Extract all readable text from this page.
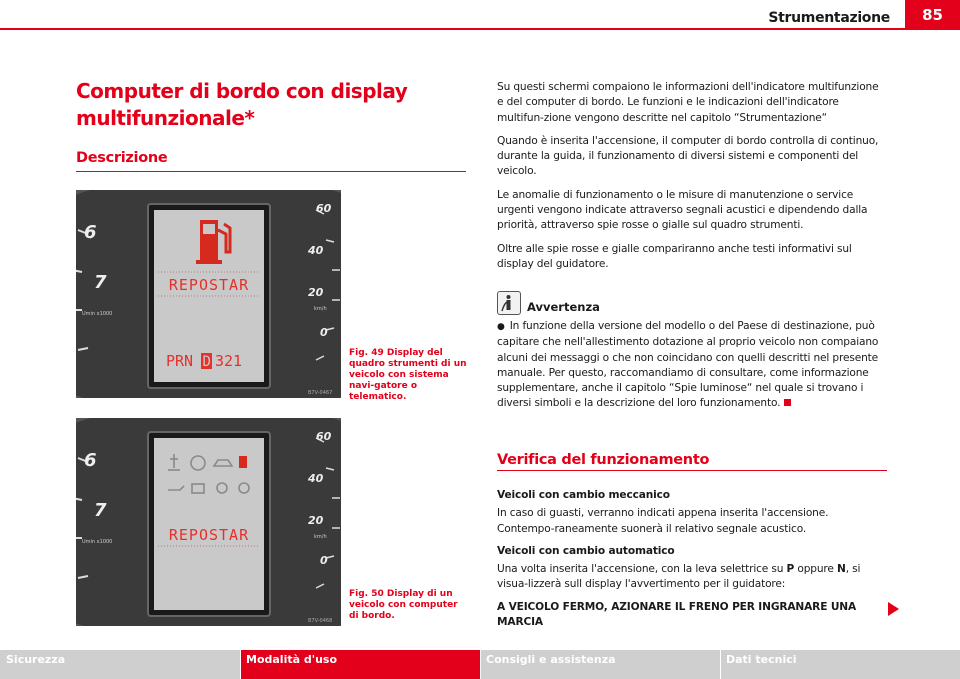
Strumentazione	85
Computer di bordo con display multifunzionale*
Descrizione
6
7
Umin x1000
60
40
20
0
km/h
REPOSTAR
PRN D 321
B7V-0467
Fig. 49 Display del quadro strumenti di un veicolo con sistema navi-gatore o telematico.
6
7
Umin x1000
60
40
20
0
km/h
REPOSTAR
B7V-0468
Fig. 50 Display di un veicolo con computer di bordo.

Su questi schermi compaiono le informazioni dell'indicatore multifunzione e del computer di bordo. Le funzioni e le indicazioni dell'indicatore multifun-zione vengono descritte nel capitolo “Strumentazione“

Quando è inserita l'accensione, il computer di bordo controlla di continuo, durante la guida, il funzionamento di diversi sistemi e componenti del veicolo.

Le anomalie di funzionamento o le misure di manutenzione o service urgenti vengono indicate attraverso segnali acustici e dipendendo dalla priorità, attraverso spie rosse o gialle sul quadro strumenti.

Oltre alle spie rosse e gialle compariranno anche testi informativi sul display del guidatore.

Avvertenza
● In funzione della versione del modello o del Paese di destinazione, può capitare che nell'allestimento dotazione al proprio veicolo non compaiano alcuni dei messaggi o che non coincidano con quelli descritti nel presente manuale. Per questo, raccomandiamo di consultare, come informazione supplementare, anche il capitolo “Spie luminose“ nel quale si trovano i diversi simboli e la descrizione del loro funzionamento.
Verifica del funzionamento
Veicoli con cambio meccanico

In caso di guasti, verranno indicati appena inserita l'accensione. Contempo-raneamente suonerà il relativo segnale acustico.

Veicoli con cambio automatico

Una volta inserita l'accensione, con la leva selettrice su P oppure N, si visua-lizzerà sull display l'avvertimento per il guidatore:

A VEICOLO FERMO, AZIONARE IL FRENO PER INGRANARE UNA MARCIA
Sicurezza	Modalità d'uso	Consigli e assistenza	Dati tecnici
